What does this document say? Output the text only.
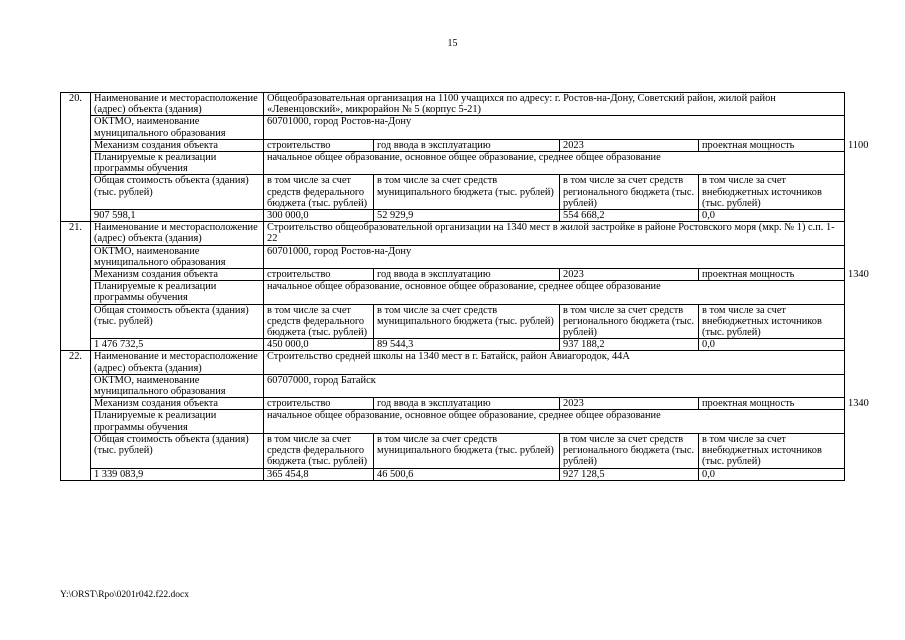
15
20.	Наименование и месторасположение (адрес) объекта (здания)	Общеобразовательная организация на 1100 учащихся по адресу: г. Ростов-на-Дону, Советский район, жилой район «Левенцовский», микрорайон № 5 (корпус 5-21)				
	ОКТМО, наименование муниципального образования	60701000, город Ростов-на-Дону				
	Механизм создания объекта	строительство	год ввода в эксплуатацию	2023	проектная мощность	1100
	Планируемые к реализации программы обучения	начальное общее образование, основное общее образование, среднее общее образование				
	Общая стоимость объекта (здания) (тыс. рублей)	в том числе за счет средств федерального бюджета (тыс. рублей)	в том числе за счет средств муниципального бюджета (тыс. рублей)	в том числе за счет средств регионального бюджета (тыс. рублей)	в том числе за счет внебюджетных источников (тыс. рублей)	
	907 598,1	300 000,0	52 929,9	554 668,2	0,0	
21.	Наименование и месторасположение (адрес) объекта (здания)	Строительство общеобразовательной организации на 1340 мест в жилой застройке в районе Ростовского моря (мкр. № 1) с.п. 1-22				
	ОКТМО, наименование муниципального образования	60701000, город Ростов-на-Дону				
	Механизм создания объекта	строительство	год ввода в эксплуатацию	2023	проектная мощность	1340
	Планируемые к реализации программы обучения	начальное общее образование, основное общее образование, среднее общее образование				
	Общая стоимость объекта (здания) (тыс. рублей)	в том числе за счет средств федерального бюджета (тыс. рублей)	в том числе за счет средств муниципального бюджета (тыс. рублей)	в том числе за счет средств регионального бюджета (тыс. рублей)	в том числе за счет внебюджетных источников (тыс. рублей)	
	1 476 732,5	450 000,0	89 544,3	937 188,2	0,0	
22.	Наименование и месторасположение (адрес) объекта (здания)	Строительство средней школы на 1340 мест в г. Батайск, район Авиагородок, 44А				
	ОКТМО, наименование муниципального образования	60707000, город Батайск				
	Механизм создания объекта	строительство	год ввода в эксплуатацию	2023	проектная мощность	1340
	Планируемые к реализации программы обучения	начальное общее образование, основное общее образование, среднее общее образование				
	Общая стоимость объекта (здания) (тыс. рублей)	в том числе за счет средств федерального бюджета (тыс. рублей)	в том числе за счет средств муниципального бюджета (тыс. рублей)	в том числе за счет средств регионального бюджета (тыс. рублей)	в том числе за счет внебюджетных источников (тыс. рублей)	
	1 339 083,9	365 454,8	46 500,6	927 128,5	0,0	
Y:\ORST\Rpo\0201r042.f22.docx
